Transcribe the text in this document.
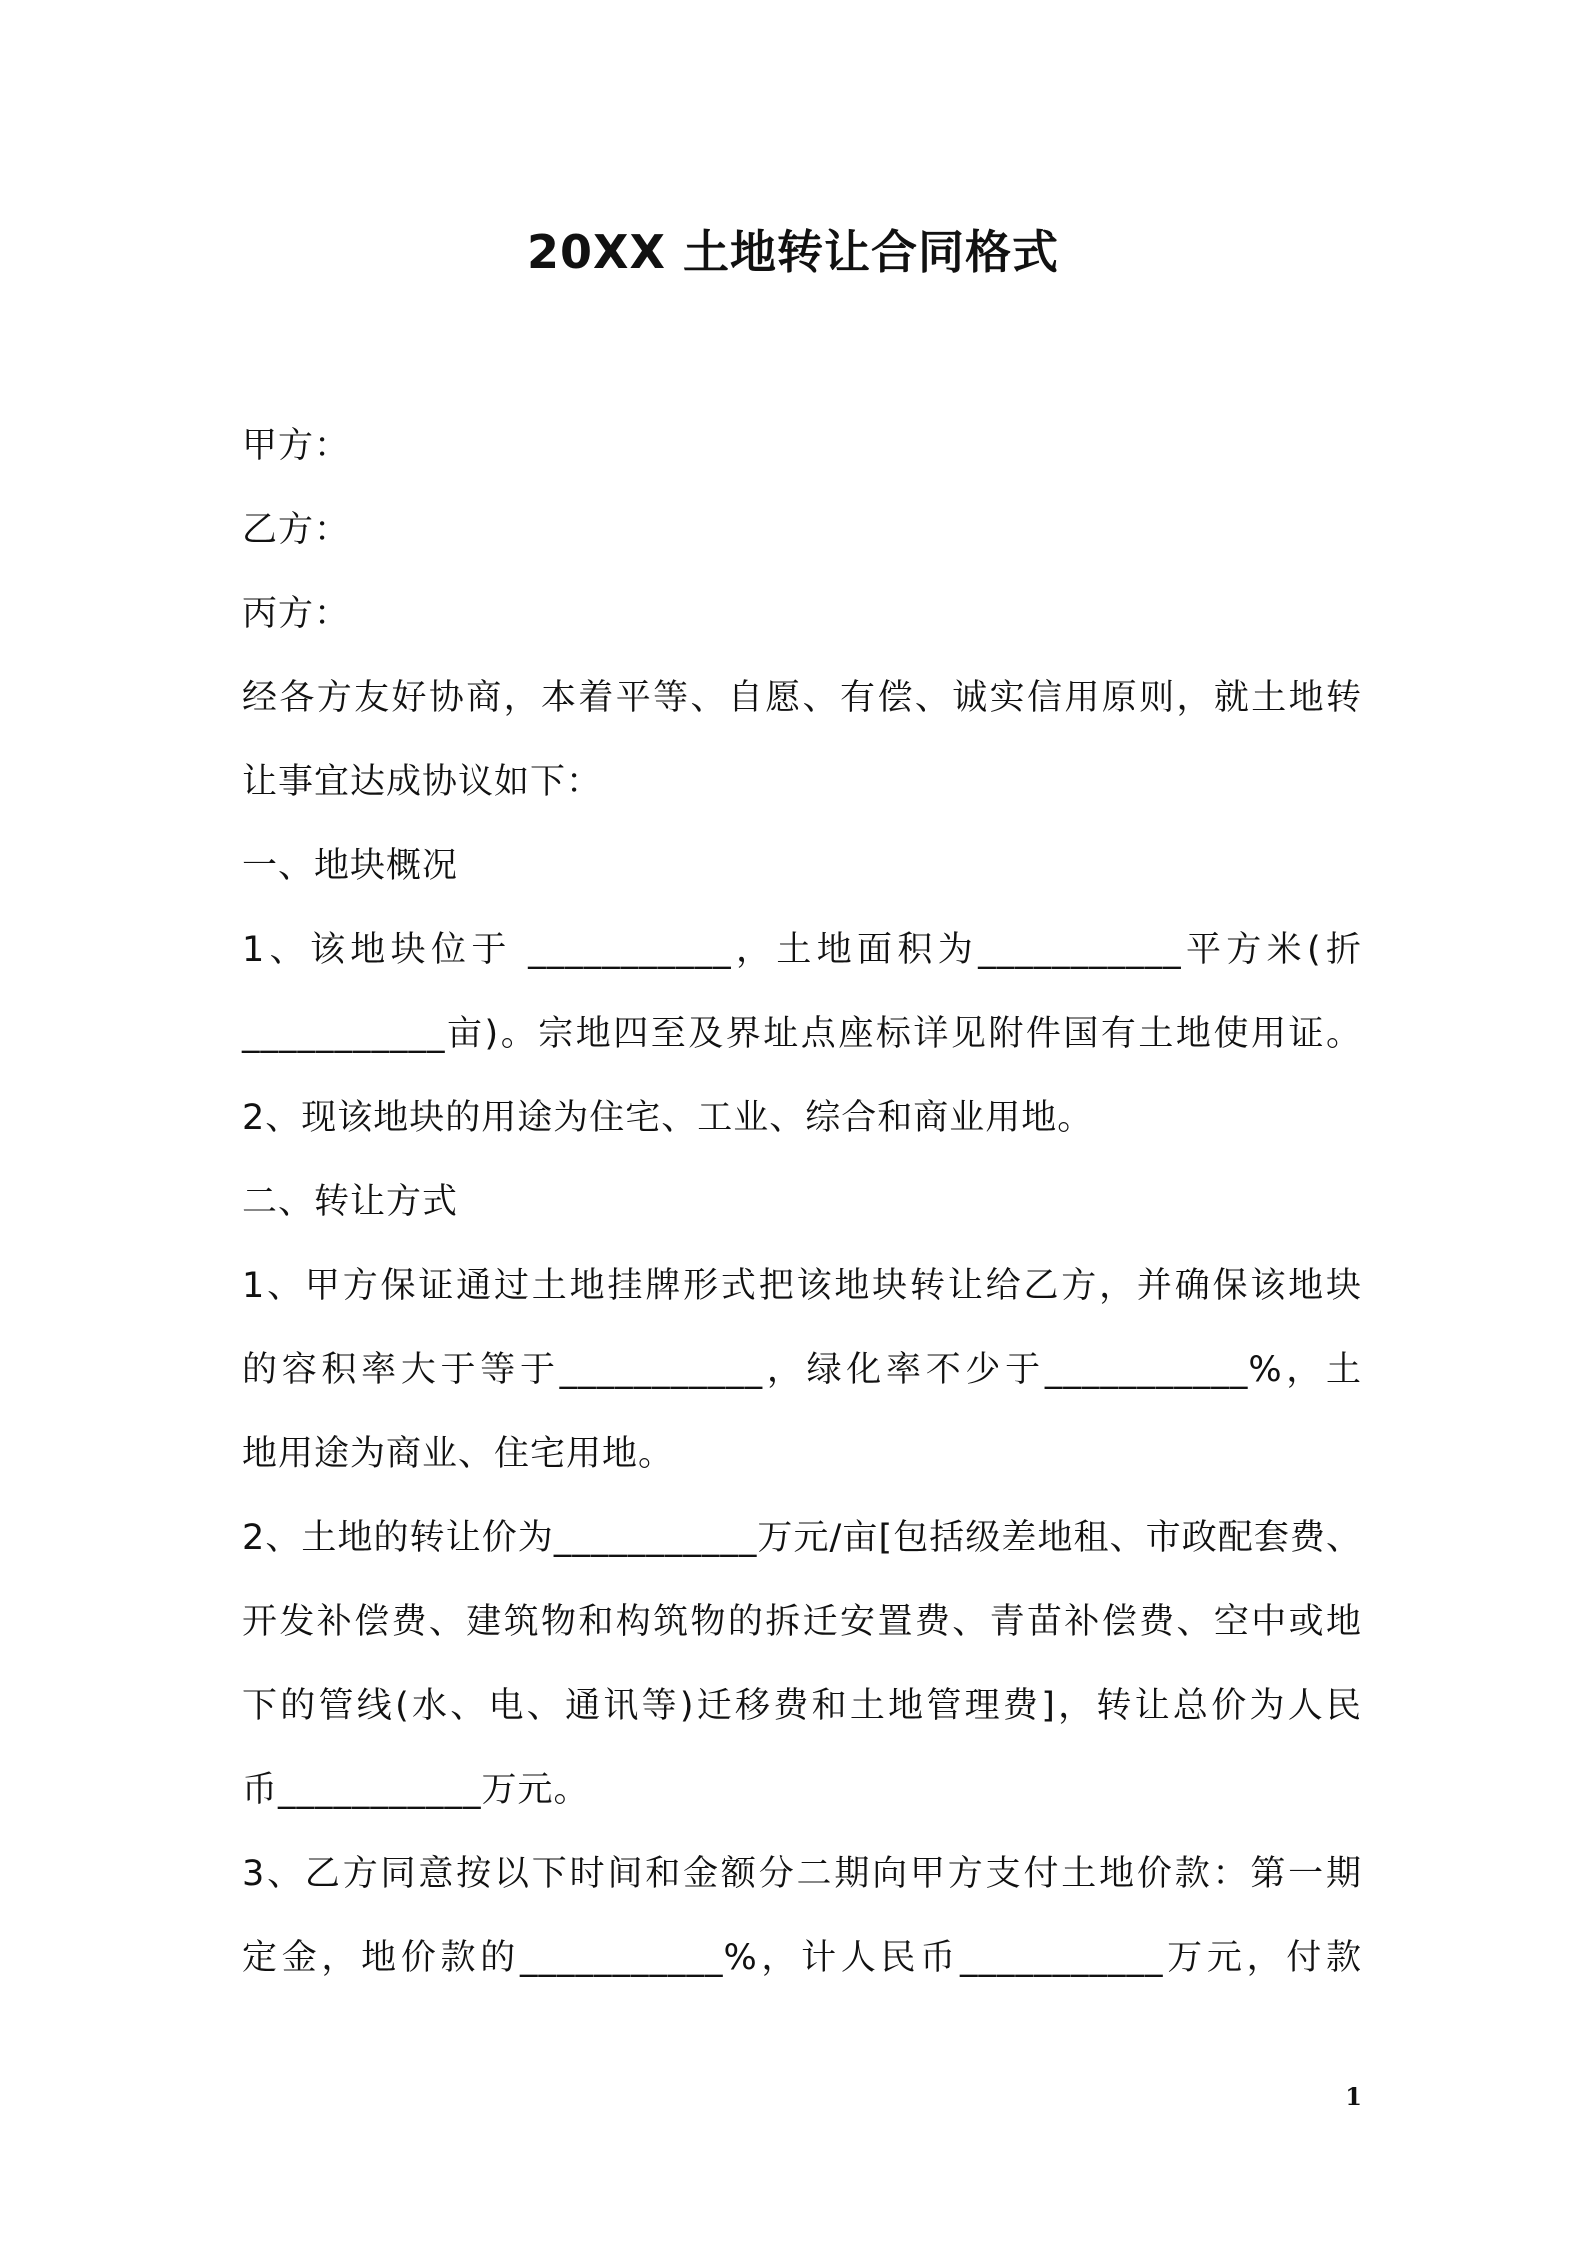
20XX 土地转让合同格式
甲方：
乙方：
丙方：
经各方友好协商，本着平等、自愿、有偿、诚实信用原则，就土地转
让事宜达成协议如下：
一、地块概况
1、该地块位于 ___________，土地面积为___________平方米(折
___________亩)。宗地四至及界址点座标详见附件国有土地使用证。
2、现该地块的用途为住宅、工业、综合和商业用地。
二、转让方式
1、甲方保证通过土地挂牌形式把该地块转让给乙方，并确保该地块
的容积率大于等于___________，绿化率不少于___________%，土
地用途为商业、住宅用地。
2、土地的转让价为___________万元/亩[包括级差地租、市政配套费、
开发补偿费、建筑物和构筑物的拆迁安置费、青苗补偿费、空中或地
下的管线(水、电、通讯等)迁移费和土地管理费]，转让总价为人民
币___________万元。
3、乙方同意按以下时间和金额分二期向甲方支付土地价款：第一期
定金，地价款的___________%，计人民币___________万元，付款
1
